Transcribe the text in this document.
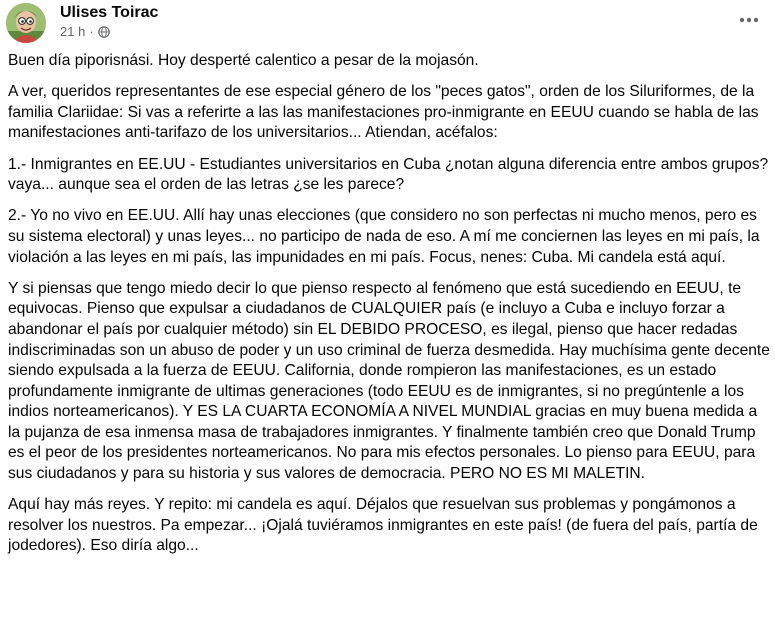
Ulises Toirac
21 h ·

Buen día piporisnási. Hoy desperté calentico a pesar de la mojasón.

A ver, queridos representantes de ese especial género de los "peces gatos", orden de los Siluriformes, de la familia Clariidae: Si vas a referirte a las las manifestaciones pro-inmigrante en EEUU cuando se habla de las manifestaciones anti-tarifazo de los universitarios... Atiendan, acéfalos:

1.- Inmigrantes en EE.UU - Estudiantes universitarios en Cuba ¿notan alguna diferencia entre ambos grupos? vaya... aunque sea el orden de las letras ¿se les parece?

2.- Yo no vivo en EE.UU. Allí hay unas elecciones (que considero no son perfectas ni mucho menos, pero es su sistema electoral) y unas leyes... no participo de nada de eso. A mí me conciernen las leyes en mi país, la violación a las leyes en mi país, las impunidades en mi país. Focus, nenes: Cuba. Mi candela está aquí.

Y si piensas que tengo miedo decir lo que pienso respecto al fenómeno que está sucediendo en EEUU, te equivocas. Pienso que expulsar a ciudadanos de CUALQUIER país (e incluyo a Cuba e incluyo forzar a abandonar el país por cualquier método) sin EL DEBIDO PROCESO, es ilegal, pienso que hacer redadas indiscriminadas son un abuso de poder y un uso criminal de fuerza desmedida. Hay muchísima gente decente siendo expulsada a la fuerza de EEUU. California, donde rompieron las manifestaciones, es un estado profundamente inmigrante de ultimas generaciones (todo EEUU es de inmigrantes, si no pregúntenle a los indios norteamericanos). Y ES LA CUARTA ECONOMÍA A NIVEL MUNDIAL gracias en muy buena medida a la pujanza de esa inmensa masa de trabajadores inmigrantes. Y finalmente también creo que Donald Trump es el peor de los presidentes norteamericanos. No para mis efectos personales. Lo pienso para EEUU, para sus ciudadanos y para su historia y sus valores de democracia. PERO NO ES MI MALETIN.

Aquí hay más reyes. Y repito: mi candela es aquí. Déjalos que resuelvan sus problemas y pongámonos a resolver los nuestros. Pa empezar... ¡Ojalá tuviéramos inmigrantes en este país! (de fuera del país, partía de jodedores). Eso diría algo...
